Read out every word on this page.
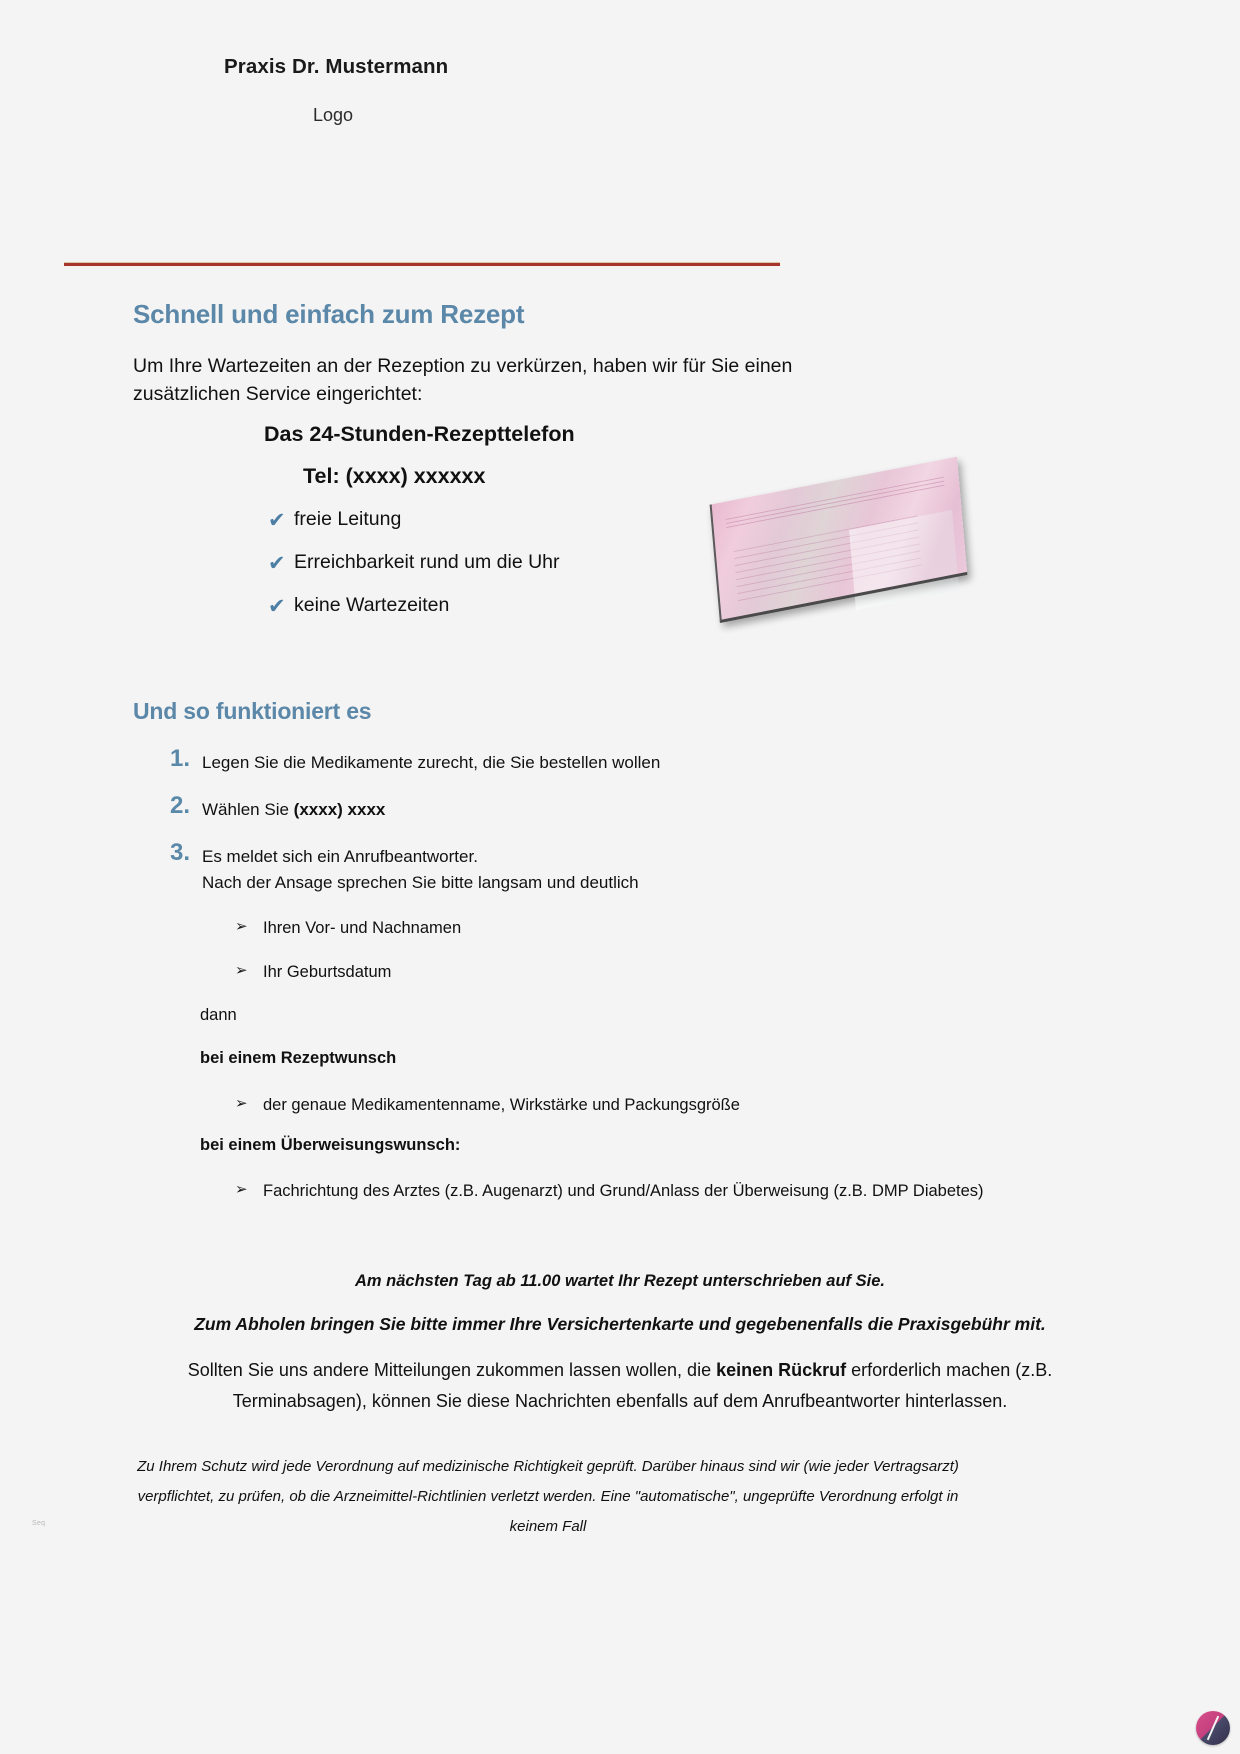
Praxis Dr. Mustermann
Logo
Schnell und einfach zum Rezept
Um Ihre Wartezeiten an der Rezeption zu verkürzen, haben wir für Sie einen zusätzlichen Service eingerichtet:
Das 24-Stunden-Rezepttelefon
Tel: (xxxx) xxxxxx
✔ freie Leitung
✔ Erreichbarkeit rund um die Uhr
✔ keine Wartezeiten
Und so funktioniert es
1. Legen Sie die Medikamente zurecht, die Sie bestellen wollen
2. Wählen Sie (xxxx) xxxx
3. Es meldet sich ein Anrufbeantworter.
Nach der Ansage sprechen Sie bitte langsam und deutlich
➢ Ihren Vor- und Nachnamen
➢ Ihr Geburtsdatum
dann
bei einem Rezeptwunsch
➢ der genaue Medikamentenname, Wirkstärke und Packungsgröße
bei einem Überweisungswunsch:
➢ Fachrichtung des Arztes (z.B. Augenarzt) und Grund/Anlass der Überweisung (z.B. DMP Diabetes)
Am nächsten Tag ab 11.00 wartet Ihr Rezept unterschrieben auf Sie.
Zum Abholen bringen Sie bitte immer Ihre Versichertenkarte und gegebenenfalls die Praxisgebühr mit.
Sollten Sie uns andere Mitteilungen zukommen lassen wollen, die keinen Rückruf erforderlich machen (z.B. Terminabsagen), können Sie diese Nachrichten ebenfalls auf dem Anrufbeantworter hinterlassen.
Zu Ihrem Schutz wird jede Verordnung auf medizinische Richtigkeit geprüft. Darüber hinaus sind wir (wie jeder Vertragsarzt) verpflichtet, zu prüfen, ob die Arzneimittel-Richtlinien verletzt werden. Eine "automatische", ungeprüfte Verordnung erfolgt in keinem Fall
Seq
